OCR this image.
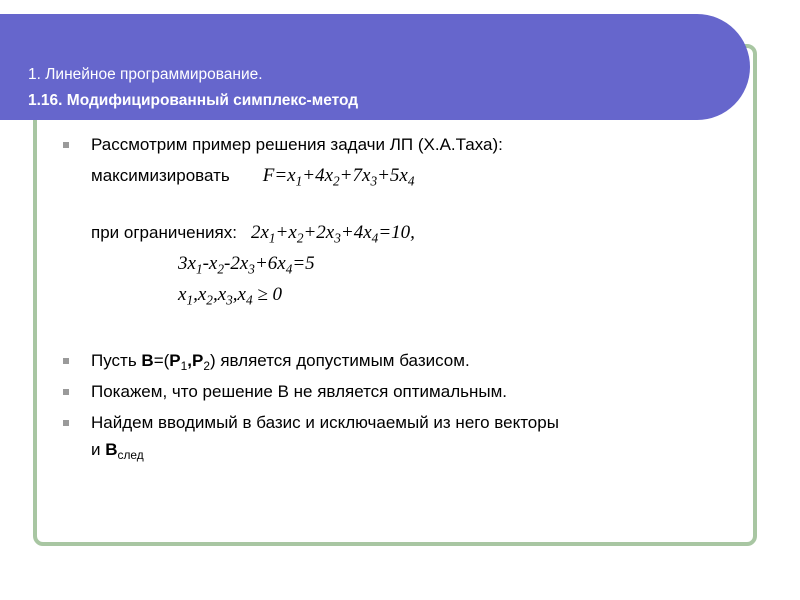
1. Линейное программирование.
1.16. Модифицированный симплекс-метод
Рассмотрим пример решения задачи ЛП (Х.А.Таха):
максимизировать $F=x_1+4x_2+7x_3+5x_4$
при ограничениях: $2x_1+x_2+2x_3+4x_4=10$,
$3x_1-x_2-2x_3+6x_4=5$
$x_1,x_2,x_3,x_4 \ge 0$
Пусть $B=(P_1,P_2)$ является допустимым базисом.
Покажем, что решение В не является оптимальным.
Найдем вводимый в базис и исключаемый из него векторы
и $B_{след}$
